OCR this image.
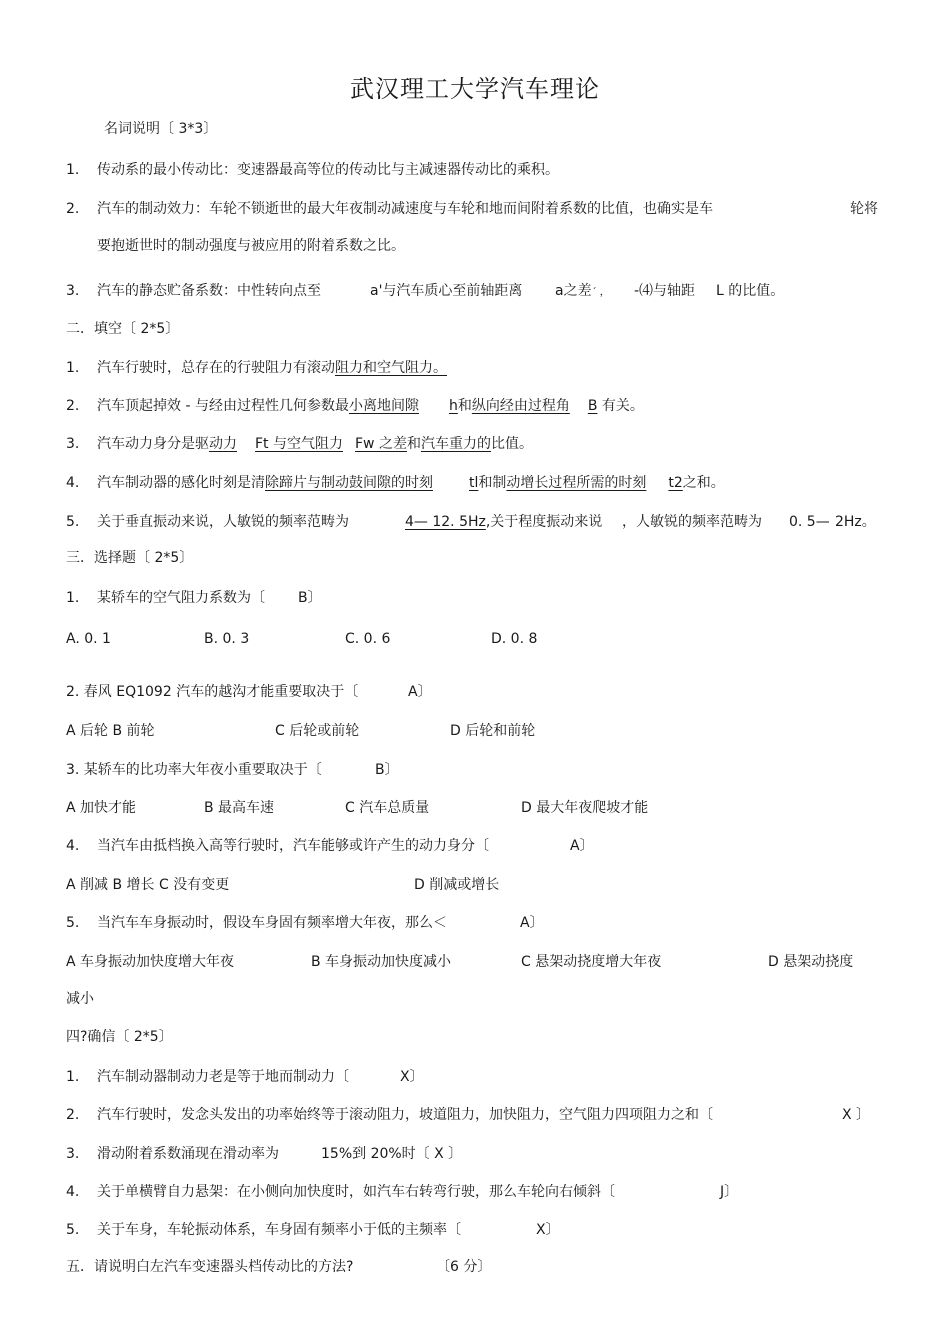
武汉理工大学汽车理论
名词说明〔 3*3〕
1. 传动系的最小传动比：变速器最高等位的传动比与主减速器传动比的乘积。
2. 汽车的制动效力：车轮不锁逝世的最大年夜制动减速度与车轮和地而间附着系数的比值，也确实是车	轮将
要抱逝世时的制动强度与被应用的附着系数之比。
3. 汽车的静态贮备系数：中性转向点至	a'与汽车质心至前轴距离 a之差ˊ ， -⑷与轴距 L 的比值。
二．填空〔 2*5〕
1. 汽车行驶时，总存在的行驶阻力有滚动阻力和空气阻力。
2. 汽车顶起掉效 - 与经由过程性几何参数最小离地间隙 h和纵向经由过程角 B 有关。
3. 汽车动力身分是驱动力 Ft 与空气阻力 Fw 之差和汽车重力的比值。
4. 汽车制动器的感化时刻是清除蹄片与制动鼓间隙的时刻	tl和制动增长过程所需的时刻 t2之和。
5. 关于垂直振动来说，人敏锐的频率范畴为	4— 12. 5Hz,关于程度振动来说 ，人敏锐的频率范畴为 0. 5— 2Hz。
三．选择题〔 2*5〕
1. 某轿车的空气阻力系数为〔 B〕
A. 0. 1	B. 0. 3	C. 0. 6	D. 0. 8
2. 春风 EQ1092 汽车的越沟才能重要取决于〔	A〕
A 后轮 B 前轮	C 后轮或前轮	D 后轮和前轮
3. 某轿车的比功率大年夜小重要取决于〔	B〕
A 加快才能	B 最高车速	C 汽车总质量	D 最大年夜爬坡才能
4. 当汽车由抵档换入高等行驶时，汽车能够或许产生的动力身分〔	A〕
A 削减 B 增长 C 没有变更	D 削减或增长
5. 当汽车车身振动时，假设车身固有频率增大年夜，那么＜	A〕
A 车身振动加快度增大年夜	B 车身振动加快度减小	C 悬架动挠度增大年夜	D 悬架动挠度
减小
四?确信〔 2*5〕
1. 汽车制动器制动力老是等于地而制动力〔	X〕
2. 汽车行驶时，发念头发出的功率始终等于滚动阻力，坡道阻力，加快阻力，空气阻力四项阻力之和〔	X 〕
3. 滑动附着系数涌现在滑动率为	15%到 20%时〔 X 〕
4. 关于单横臂自力悬架：在小侧向加快度时，如汽车右转弯行驶，那么车轮向右倾斜〔	J〕
5. 关于车身，车轮振动体系，车身固有频率小于低的主频率〔	X〕
五．请说明白左汽车变速器头档传动比的方法?	〔6 分〕
